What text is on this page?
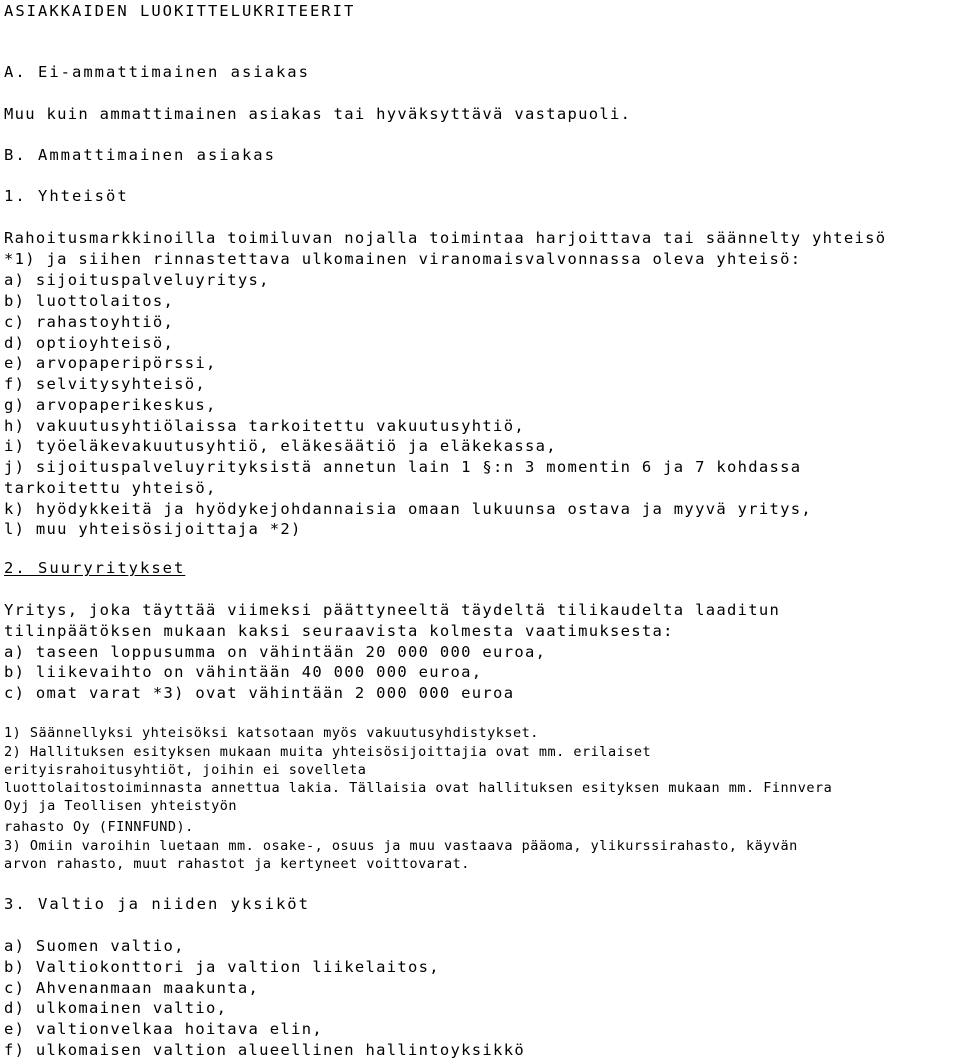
ASIAKKAIDEN LUOKITTELUKRITEERIT

A. Ei-ammattimainen asiakas

B. Ammattimainen asiakas

1. Yhteisöt

Rahoitusmarkkinoilla toimiluvan nojalla toimintaa harjoittava tai säännelty yhteisö

*1) ja siihen rinnastettava ulkomainen viranomaisvalvonnassa oleva yhteisö:

a) sijoituspalveluyritys,

b) luottolaitos,

c) rahastoyhtiö,

d) optioyhteisö,

e) arvopaperipörssi,

f) selvitysyhteisö,

g) arvopaperikeskus,

h) vakuutusyhtiölaissa tarkoitettu vakuutusyhtiö,

i) työeläkevakuutusyhtiö, eläkesäätiö ja eläkekassa,

j) sijoituspalveluyrityksistä annetun lain 1 §:n 3 momentin 6 ja 7 kohdassa

tarkoitettu yhteisö,

k) hyödykkeitä ja hyödykejohdannaisia omaan lukuunsa ostava ja myyvä yritys,

l) muu yhteisösijoittaja *2)

2. Suuryritykset

Yritys, joka täyttää viimeksi päättyneeltä täydeltä tilikaudelta laaditun

tilinpäätöksen mukaan kaksi seuraavista kolmesta vaatimuksesta:

a) taseen loppusumma on vähintään 20 000 000 euroa,

b) liikevaihto on vähintään 40 000 000 euroa,

c) omat varat *3) ovat vähintään 2 000 000 euroa

1) Säännellyksi yhteisöksi katsotaan myös vakuutusyhdistykset.

2) Hallituksen esityksen mukaan muita yhteisösijoittajia ovat mm. erilaiset

erityisrahoitusyhtiöt, joihin ei sovelleta

luottolaitostoiminnasta annettua lakia. Tällaisia ovat hallituksen esityksen mukaan mm. Finnvera

Oyj ja Teollisen yhteistyön

rahasto Oy (FINNFUND).

3) Omiin varoihin luetaan mm. osake-, osuus ja muu vastaava pääoma, ylikurssirahasto, käyvän

arvon rahasto, muut rahastot ja kertyneet voittovarat.

3. Valtio ja niiden yksiköt

a) Suomen valtio,

b) Valtiokonttori ja valtion liikelaitos,

c) Ahvenanmaan maakunta,

d) ulkomainen valtio,

e) valtionvelkaa hoitava elin,

f) ulkomaisen valtion alueellinen hallintoyksikkö

Muu kuin ammattimainen asiakas tai hyväksyttävä vastapuoli.
